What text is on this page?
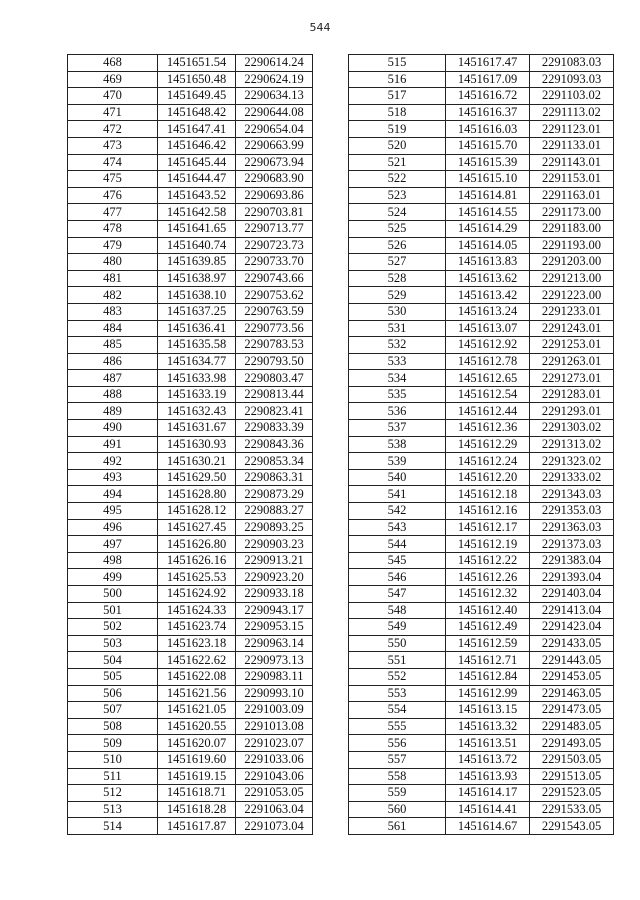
544
468	1451651.54	2290614.24
469	1451650.48	2290624.19
470	1451649.45	2290634.13
471	1451648.42	2290644.08
472	1451647.41	2290654.04
473	1451646.42	2290663.99
474	1451645.44	2290673.94
475	1451644.47	2290683.90
476	1451643.52	2290693.86
477	1451642.58	2290703.81
478	1451641.65	2290713.77
479	1451640.74	2290723.73
480	1451639.85	2290733.70
481	1451638.97	2290743.66
482	1451638.10	2290753.62
483	1451637.25	2290763.59
484	1451636.41	2290773.56
485	1451635.58	2290783.53
486	1451634.77	2290793.50
487	1451633.98	2290803.47
488	1451633.19	2290813.44
489	1451632.43	2290823.41
490	1451631.67	2290833.39
491	1451630.93	2290843.36
492	1451630.21	2290853.34
493	1451629.50	2290863.31
494	1451628.80	2290873.29
495	1451628.12	2290883.27
496	1451627.45	2290893.25
497	1451626.80	2290903.23
498	1451626.16	2290913.21
499	1451625.53	2290923.20
500	1451624.92	2290933.18
501	1451624.33	2290943.17
502	1451623.74	2290953.15
503	1451623.18	2290963.14
504	1451622.62	2290973.13
505	1451622.08	2290983.11
506	1451621.56	2290993.10
507	1451621.05	2291003.09
508	1451620.55	2291013.08
509	1451620.07	2291023.07
510	1451619.60	2291033.06
511	1451619.15	2291043.06
512	1451618.71	2291053.05
513	1451618.28	2291063.04
514	1451617.87	2291073.04
515	1451617.47	2291083.03
516	1451617.09	2291093.03
517	1451616.72	2291103.02
518	1451616.37	2291113.02
519	1451616.03	2291123.01
520	1451615.70	2291133.01
521	1451615.39	2291143.01
522	1451615.10	2291153.01
523	1451614.81	2291163.01
524	1451614.55	2291173.00
525	1451614.29	2291183.00
526	1451614.05	2291193.00
527	1451613.83	2291203.00
528	1451613.62	2291213.00
529	1451613.42	2291223.00
530	1451613.24	2291233.01
531	1451613.07	2291243.01
532	1451612.92	2291253.01
533	1451612.78	2291263.01
534	1451612.65	2291273.01
535	1451612.54	2291283.01
536	1451612.44	2291293.01
537	1451612.36	2291303.02
538	1451612.29	2291313.02
539	1451612.24	2291323.02
540	1451612.20	2291333.02
541	1451612.18	2291343.03
542	1451612.16	2291353.03
543	1451612.17	2291363.03
544	1451612.19	2291373.03
545	1451612.22	2291383.04
546	1451612.26	2291393.04
547	1451612.32	2291403.04
548	1451612.40	2291413.04
549	1451612.49	2291423.04
550	1451612.59	2291433.05
551	1451612.71	2291443.05
552	1451612.84	2291453.05
553	1451612.99	2291463.05
554	1451613.15	2291473.05
555	1451613.32	2291483.05
556	1451613.51	2291493.05
557	1451613.72	2291503.05
558	1451613.93	2291513.05
559	1451614.17	2291523.05
560	1451614.41	2291533.05
561	1451614.67	2291543.05
